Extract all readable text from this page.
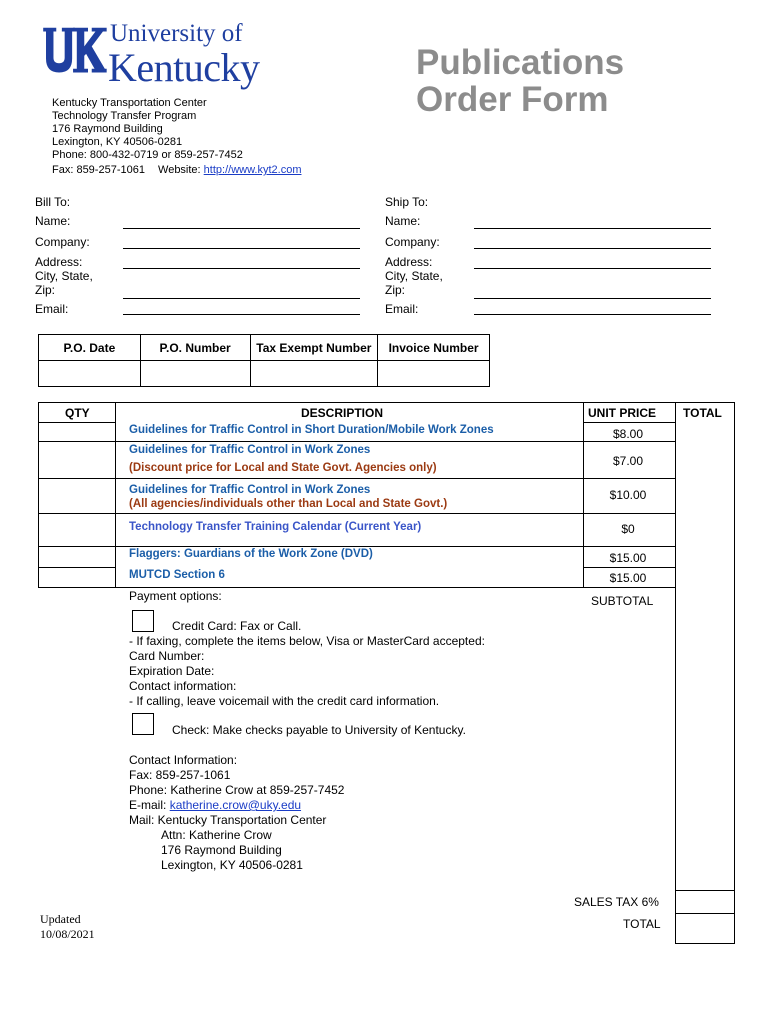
University of
Kentucky	Publications
Order Form
Kentucky Transportation Center
Technology Transfer Program
176 Raymond Building
Lexington, KY 40506-0281
Phone: 800-432-0719 or 859-257-7452
Fax: 859-257-1061 Website: http://www.kyt2.com
Bill To:
Name:
Company:
Address:
City, State,
Zip:
Email:
Ship To:
Name:
Company:
Address:
City, State,
Zip:
Email:
P.O. Date	P.O. Number	Tax Exempt Number	Invoice Number

QTY	DESCRIPTION	UNIT PRICE TOTAL
Guidelines for Traffic Control in Short Duration/Mobile Work Zones	$8.00
Guidelines for Traffic Control in Work Zones
(Discount price for Local and State Govt. Agencies only)	$7.00
Guidelines for Traffic Control in Work Zones
(All agencies/individuals other than Local and State Govt.)
$10.00
Technology Transfer Training Calendar (Current Year)	$0
Flaggers: Guardians of the Work Zone (DVD)	$15.00
MUTCD Section 6	$15.00
SUBTOTAL
Payment options:
Credit Card: Fax or Call.
- If faxing, complete the items below, Visa or MasterCard accepted:
Card Number:
Expiration Date:
Contact information:
- If calling, leave voicemail with the credit card information.
Check: Make checks payable to University of Kentucky.
Contact Information:
Fax: 859-257-1061
Phone: Katherine Crow at 859-257-7452
E-mail: katherine.crow@uky.edu
Mail: Kentucky Transportation Center
Attn: Katherine Crow
176 Raymond Building
Lexington, KY 40506-0281
SALES TAX 6%
TOTAL
Updated
10/08/2021
